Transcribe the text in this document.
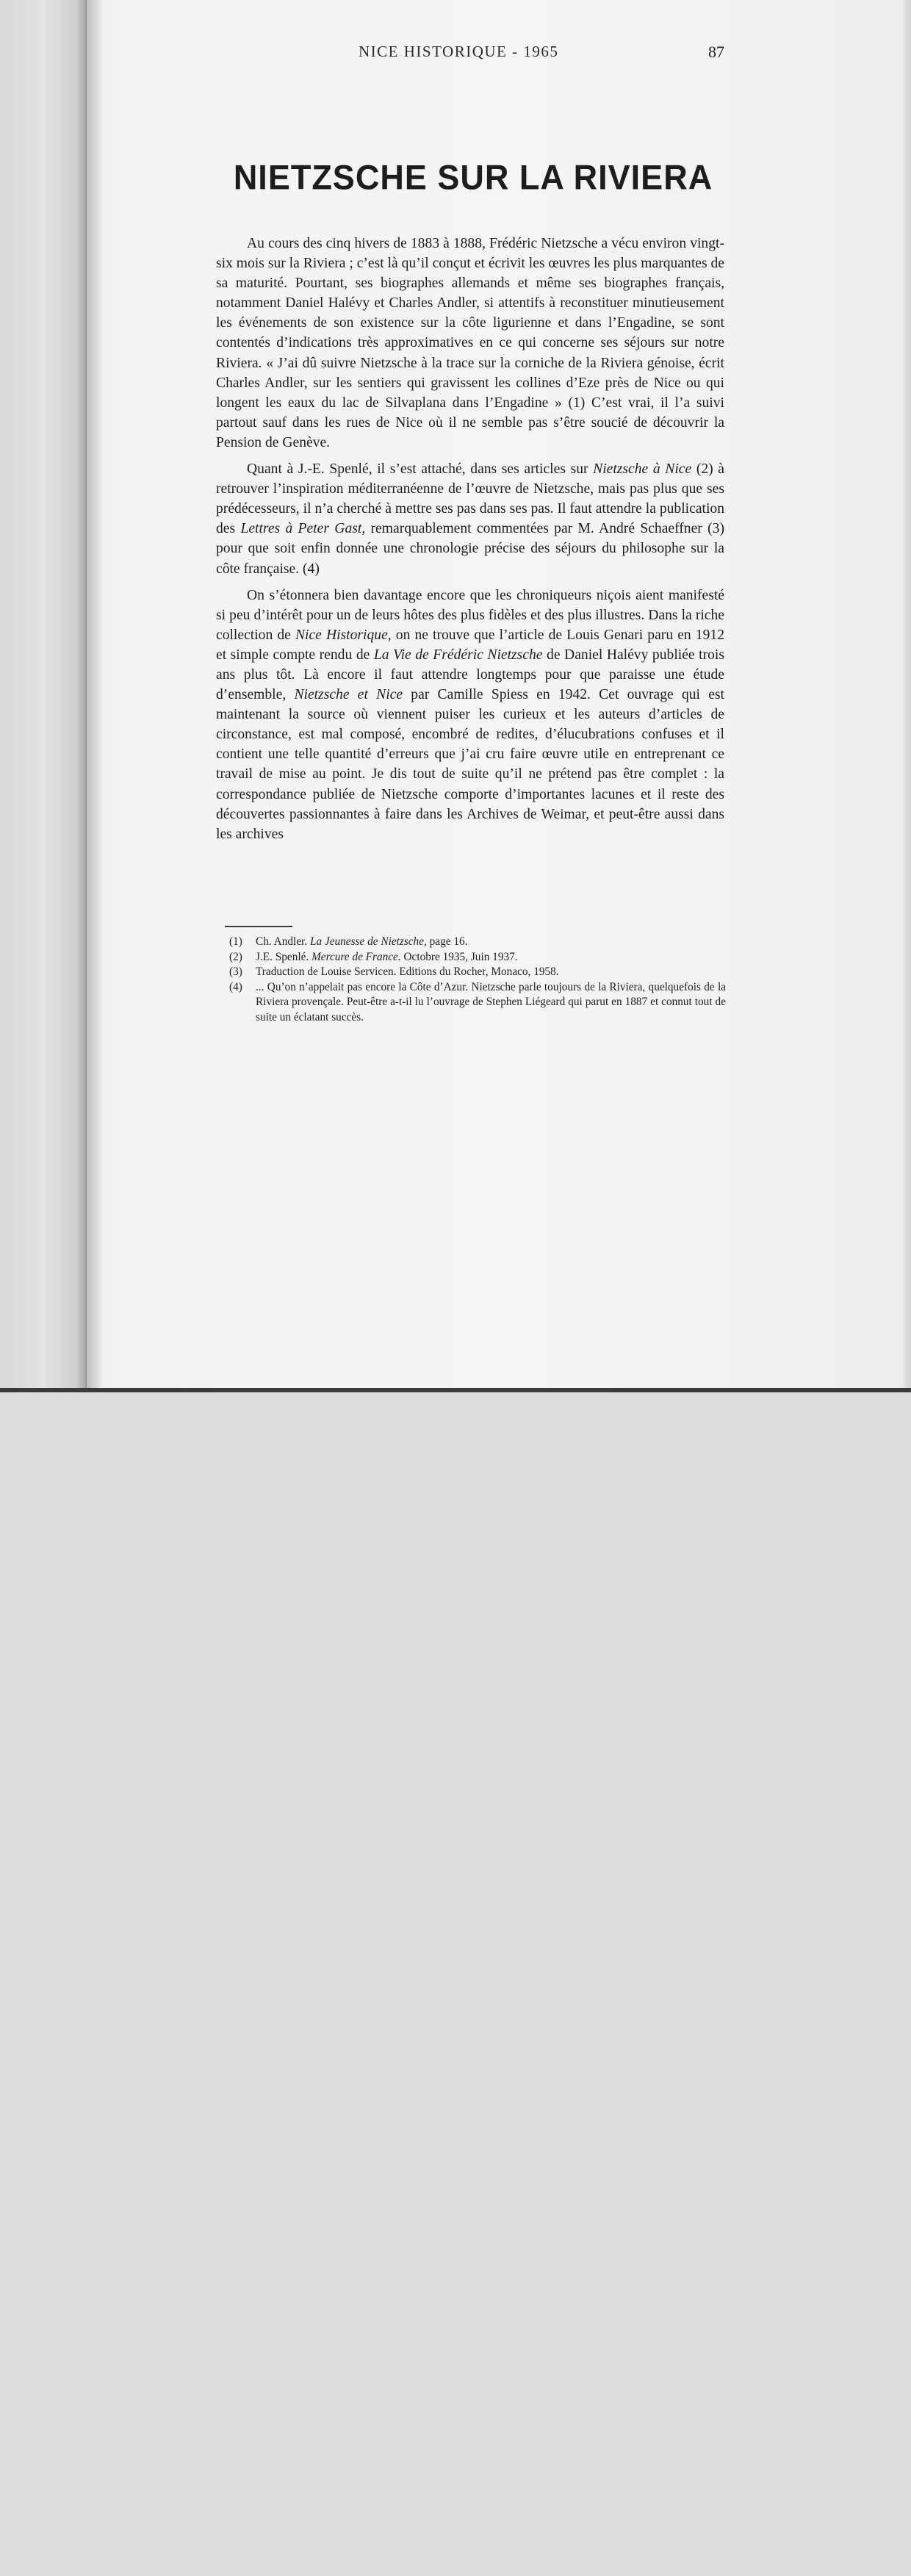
NICE HISTORIQUE - 1965	87
NIETZSCHE SUR LA RIVIERA

Au cours des cinq hivers de 1883 à 1888, Frédéric Nietzsche a vécu environ vingt-six mois sur la Riviera ; c’est là qu’il conçut et écrivit les œuvres les plus marquantes de sa maturité. Pourtant, ses biographes allemands et même ses biographes français, notamment Daniel Halévy et Charles Andler, si attentifs à reconstituer minutieusement les événements de son existence sur la côte ligurienne et dans l’Engadine, se sont contentés d’indications très approximatives en ce qui concerne ses séjours sur notre Riviera. « J’ai dû suivre Nietzsche à la trace sur la corniche de la Riviera génoise, écrit Charles Andler, sur les sentiers qui gravissent les collines d’Eze près de Nice ou qui longent les eaux du lac de Silvaplana dans l’Engadine » (1) C’est vrai, il l’a suivi partout sauf dans les rues de Nice où il ne semble pas s’être soucié de découvrir la Pension de Genève.

Quant à J.-E. Spenlé, il s’est attaché, dans ses articles sur Nietzsche à Nice (2) à retrouver l’inspiration méditerranéenne de l’œuvre de Nietzsche, mais pas plus que ses prédécesseurs, il n’a cherché à mettre ses pas dans ses pas. Il faut attendre la publication des Lettres à Peter Gast, remarquablement commentées par M. André Schaeffner (3) pour que soit enfin donnée une chronologie précise des séjours du philosophe sur la côte française. (4)

On s’étonnera bien davantage encore que les chroniqueurs niçois aient manifesté si peu d’intérêt pour un de leurs hôtes des plus fidèles et des plus illustres. Dans la riche collection de Nice Historique, on ne trouve que l’article de Louis Genari paru en 1912 et simple compte rendu de La Vie de Frédéric Nietzsche de Daniel Halévy publiée trois ans plus tôt. Là encore il faut attendre longtemps pour que paraisse une étude d’ensemble, Nietzsche et Nice par Camille Spiess en 1942. Cet ouvrage qui est maintenant la source où viennent puiser les curieux et les auteurs d’articles de circonstance, est mal composé, encombré de redites, d’élucubrations confuses et il contient une telle quantité d’erreurs que j’ai cru faire œuvre utile en entreprenant ce travail de mise au point. Je dis tout de suite qu’il ne prétend pas être complet : la correspondance publiée de Nietzsche comporte d’importantes lacunes et il reste des découvertes passionnantes à faire dans les Archives de Weimar, et peut-être aussi dans les archives

(1)	Ch. Andler. La Jeunesse de Nietzsche, page 16.
(2)	J.E. Spenlé. Mercure de France. Octobre 1935, Juin 1937.
(3)	Traduction de Louise Servicen. Editions du Rocher, Monaco, 1958.
(4)	... Qu’on n’appelait pas encore la Côte d’Azur. Nietzsche parle toujours de la Riviera, quelquefois de la Riviera provençale. Peut-être a-t-il lu l’ouvrage de Stephen Liégeard qui parut en 1887 et connut tout de suite un éclatant succès.
